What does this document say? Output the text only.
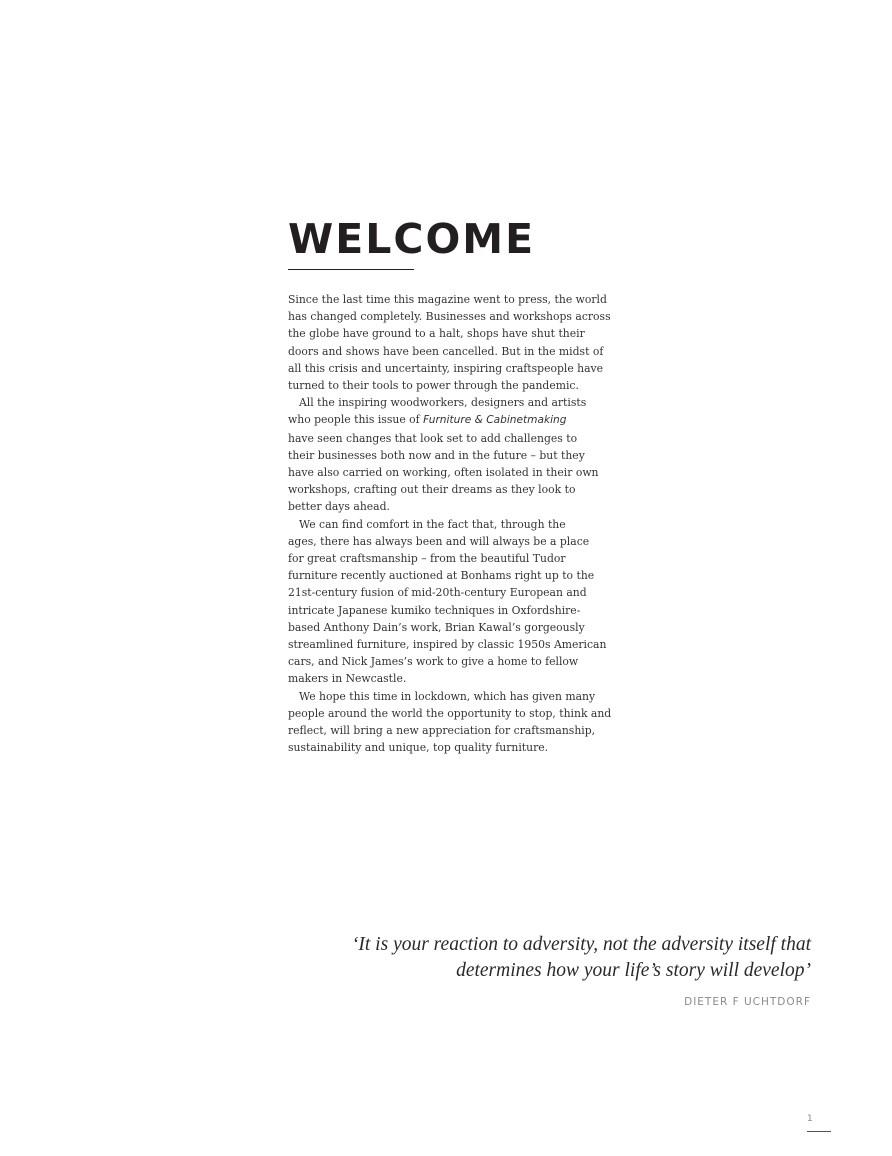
WELCOME
Since the last time this magazine went to press, the world
has changed completely. Businesses and workshops across
the globe have ground to a halt, shops have shut their
doors and shows have been cancelled. But in the midst of
all this crisis and uncertainty, inspiring craftspeople have
turned to their tools to power through the pandemic.
All the inspiring woodworkers, designers and artists
who people this issue of Furniture & Cabinetmaking
have seen changes that look set to add challenges to
their businesses both now and in the future – but they
have also carried on working, often isolated in their own
workshops, crafting out their dreams as they look to
better days ahead.
We can find comfort in the fact that, through the
ages, there has always been and will always be a place
for great craftsmanship – from the beautiful Tudor
furniture recently auctioned at Bonhams right up to the
21st-century fusion of mid-20th-century European and
intricate Japanese kumiko techniques in Oxfordshire-
based Anthony Dain’s work, Brian Kawal’s gorgeously
streamlined furniture, inspired by classic 1950s American
cars, and Nick James’s work to give a home to fellow
makers in Newcastle.
We hope this time in lockdown, which has given many
people around the world the opportunity to stop, think and
reflect, will bring a new appreciation for craftsmanship,
sustainability and unique, top quality furniture.
‘It is your reaction to adversity, not the adversity itself that
determines how your life’s story will develop’
DIETER F UCHTDORF
1
